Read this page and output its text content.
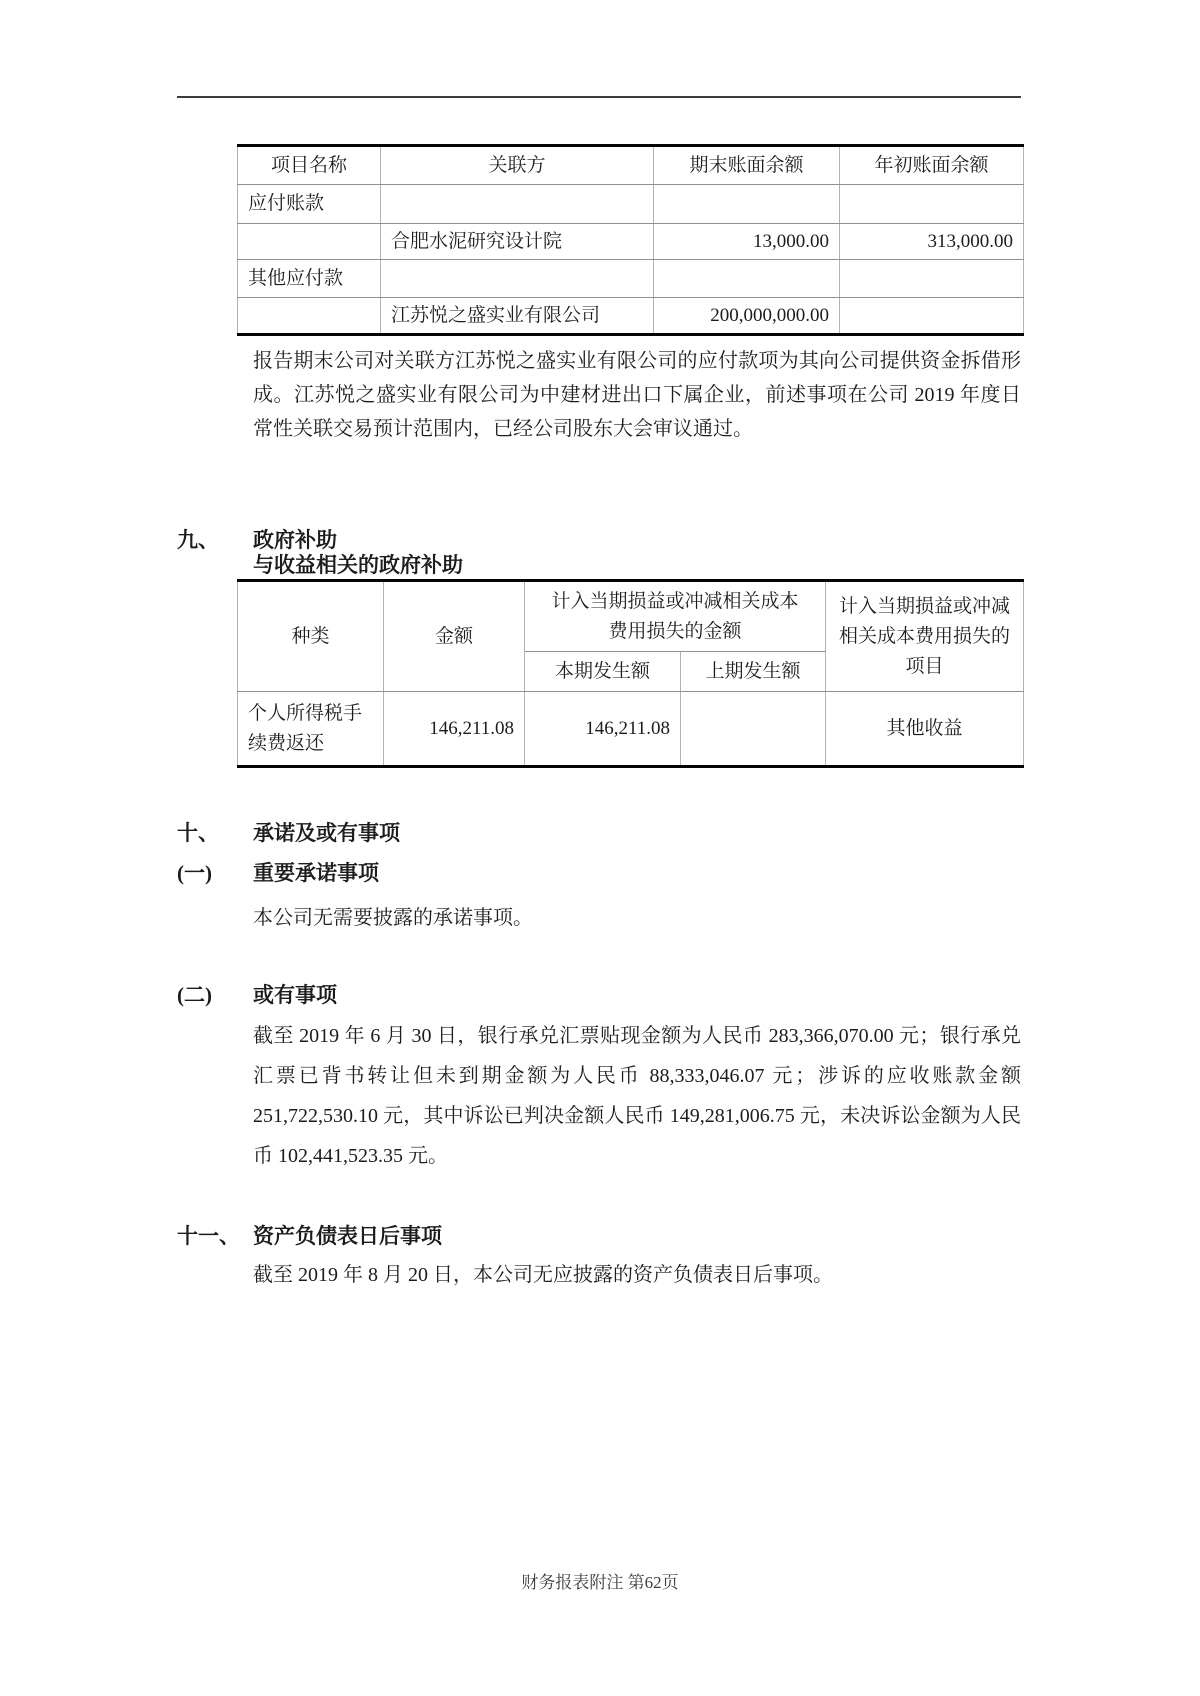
项目名称	关联方	期末账面余额	年初账面余额
应付账款			
	合肥水泥研究设计院	13,000.00	313,000.00
其他应付款			
	江苏悦之盛实业有限公司	200,000,000.00	

报告期末公司对关联方江苏悦之盛实业有限公司的应付款项为其向公司提供资金拆借形成。江苏悦之盛实业有限公司为中建材进出口下属企业，前述事项在公司 2019 年度日常性关联交易预计范围内，已经公司股东大会审议通过。

九、 政府补助
与收益相关的政府补助
种类	金额	计入当期损益或冲减相关成本费用损失的金额		计入当期损益或冲减相关成本费用损失的项目
		本期发生额	上期发生额	
个人所得税手续费返还	146,211.08	146,211.08		其他收益
十、 承诺及或有事项
(一) 重要承诺事项

本公司无需要披露的承诺事项。

(二) 或有事项

截至 2019 年 6 月 30 日，银行承兑汇票贴现金额为人民币 283,366,070.00 元；银行承兑汇票已背书转让但未到期金额为人民币 88,333,046.07 元；涉诉的应收账款金额 251,722,530.10 元，其中诉讼已判决金额人民币 149,281,006.75 元，未决诉讼金额为人民币 102,441,523.35 元。

十一、 资产负债表日后事项

截至 2019 年 8 月 20 日，本公司无应披露的资产负债表日后事项。

财务报表附注 第62页
